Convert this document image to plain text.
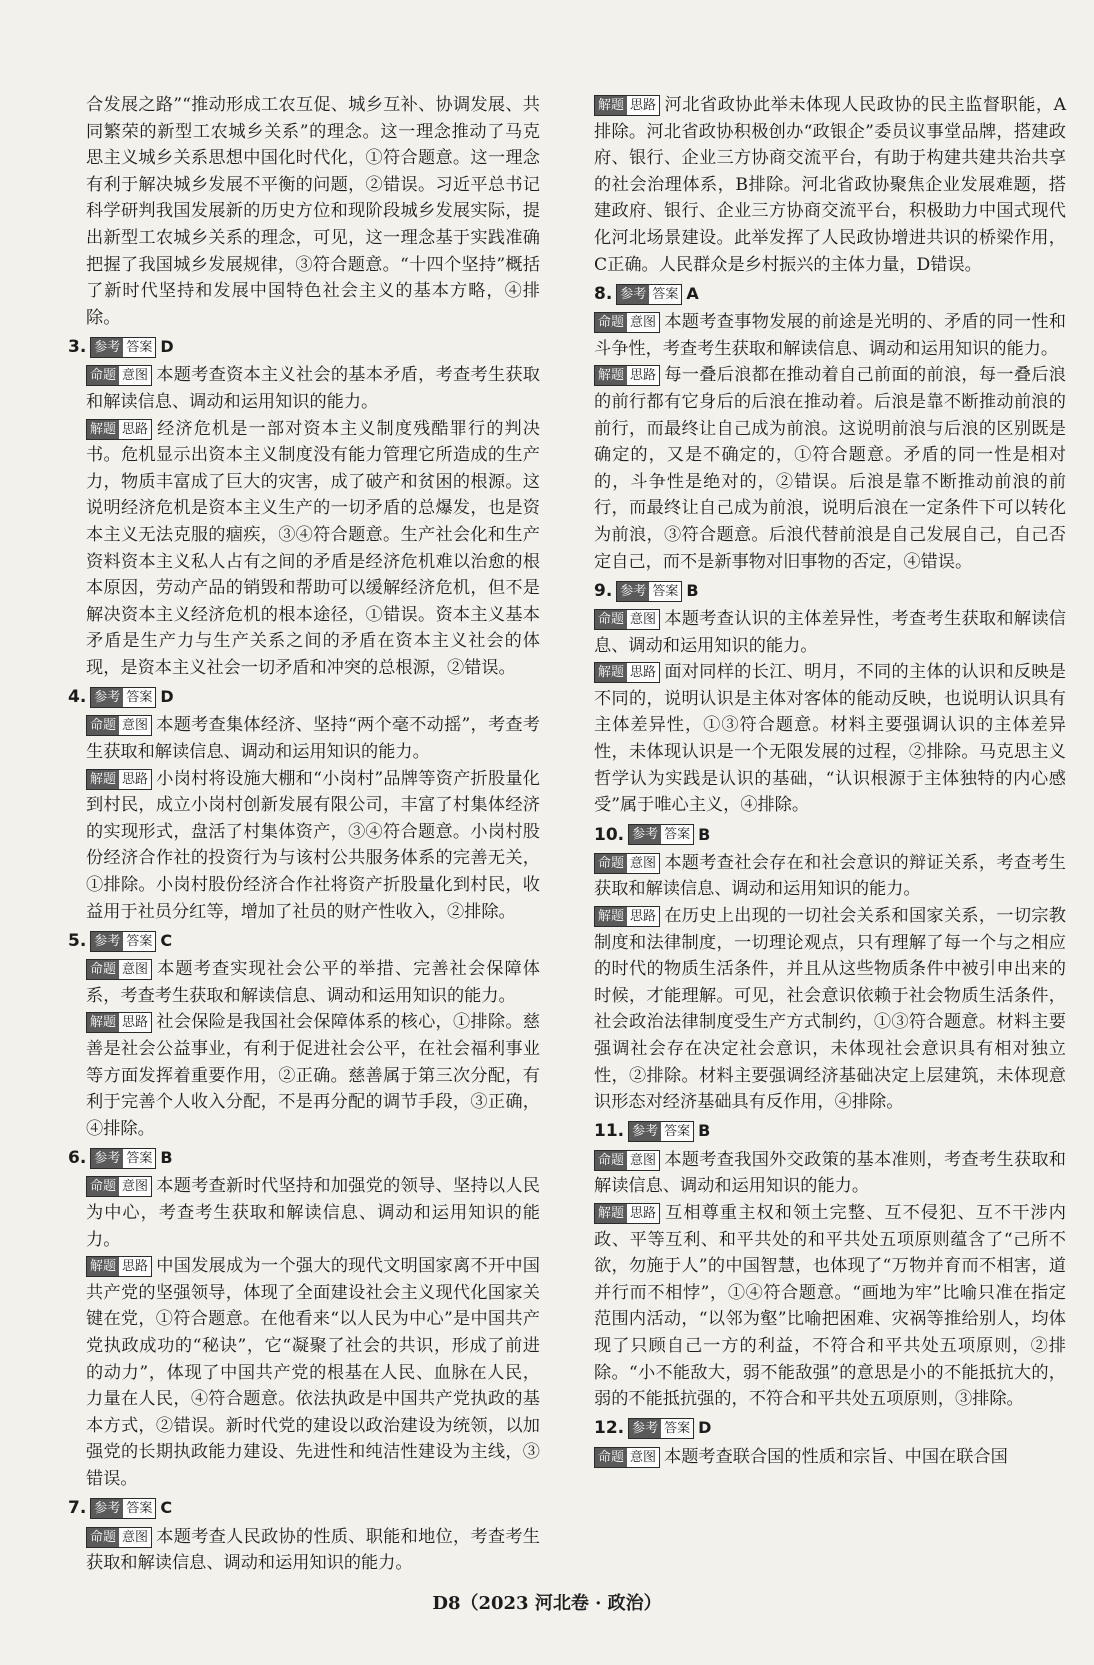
合发展之路”“推动形成工农互促、城乡互补、协调发展、共同繁荣的新型工农城乡关系”的理念。这一理念推动了马克思主义城乡关系思想中国化时代化，①符合题意。这一理念有利于解决城乡发展不平衡的问题，②错误。习近平总书记科学研判我国发展新的历史方位和现阶段城乡发展实际，提出新型工农城乡关系的理念，可见，这一理念基于实践准确把握了我国城乡发展规律，③符合题意。“十四个坚持”概括了新时代坚持和发展中国特色社会主义的基本方略，④排除。

3. 参考 答案 D

命题 意图 本题考查资本主义社会的基本矛盾，考查考生获取和解读信息、调动和运用知识的能力。

解题 思路 经济危机是一部对资本主义制度残酷罪行的判决书。危机显示出资本主义制度没有能力管理它所造成的生产力，物质丰富成了巨大的灾害，成了破产和贫困的根源。这说明经济危机是资本主义生产的一切矛盾的总爆发，也是资本主义无法克服的痼疾，③④符合题意。生产社会化和生产资料资本主义私人占有之间的矛盾是经济危机难以治愈的根本原因，劳动产品的销毁和帮助可以缓解经济危机，但不是解决资本主义经济危机的根本途径，①错误。资本主义基本矛盾是生产力与生产关系之间的矛盾在资本主义社会的体现，是资本主义社会一切矛盾和冲突的总根源，②错误。

4. 参考 答案 D

命题 意图 本题考查集体经济、坚持“两个毫不动摇”，考查考生获取和解读信息、调动和运用知识的能力。

解题 思路 小岗村将设施大棚和“小岗村”品牌等资产折股量化到村民，成立小岗村创新发展有限公司，丰富了村集体经济的实现形式，盘活了村集体资产，③④符合题意。小岗村股份经济合作社的投资行为与该村公共服务体系的完善无关，①排除。小岗村股份经济合作社将资产折股量化到村民，收益用于社员分红等，增加了社员的财产性收入，②排除。

5. 参考 答案 C

命题 意图 本题考查实现社会公平的举措、完善社会保障体系，考查考生获取和解读信息、调动和运用知识的能力。

解题 思路 社会保险是我国社会保障体系的核心，①排除。慈善是社会公益事业，有利于促进社会公平，在社会福利事业等方面发挥着重要作用，②正确。慈善属于第三次分配，有利于完善个人收入分配，不是再分配的调节手段，③正确，④排除。

6. 参考 答案 B

命题 意图 本题考查新时代坚持和加强党的领导、坚持以人民为中心，考查考生获取和解读信息、调动和运用知识的能力。

解题 思路 中国发展成为一个强大的现代文明国家离不开中国共产党的坚强领导，体现了全面建设社会主义现代化国家关键在党，①符合题意。在他看来“以人民为中心”是中国共产党执政成功的“秘诀”，它“凝聚了社会的共识，形成了前进的动力”，体现了中国共产党的根基在人民、血脉在人民，力量在人民，④符合题意。依法执政是中国共产党执政的基本方式，②错误。新时代党的建设以政治建设为统领，以加强党的长期执政能力建设、先进性和纯洁性建设为主线，③错误。

7. 参考 答案 C

命题 意图 本题考查人民政协的性质、职能和地位，考查考生获取和解读信息、调动和运用知识的能力。

解题 思路 河北省政协此举未体现人民政协的民主监督职能，A排除。河北省政协积极创办“政银企”委员议事堂品牌，搭建政府、银行、企业三方协商交流平台，有助于构建共建共治共享的社会治理体系，B排除。河北省政协聚焦企业发展难题，搭建政府、银行、企业三方协商交流平台，积极助力中国式现代化河北场景建设。此举发挥了人民政协增进共识的桥梁作用，C正确。人民群众是乡村振兴的主体力量，D错误。

8. 参考 答案 A

命题 意图 本题考查事物发展的前途是光明的、矛盾的同一性和斗争性，考查考生获取和解读信息、调动和运用知识的能力。

解题 思路 每一叠后浪都在推动着自己前面的前浪，每一叠后浪的前行都有它身后的后浪在推动着。后浪是靠不断推动前浪的前行，而最终让自己成为前浪。这说明前浪与后浪的区别既是确定的，又是不确定的，①符合题意。矛盾的同一性是相对的，斗争性是绝对的，②错误。后浪是靠不断推动前浪的前行，而最终让自己成为前浪，说明后浪在一定条件下可以转化为前浪，③符合题意。后浪代替前浪是自己发展自己，自己否定自己，而不是新事物对旧事物的否定，④错误。

9. 参考 答案 B

命题 意图 本题考查认识的主体差异性，考查考生获取和解读信息、调动和运用知识的能力。

解题 思路 面对同样的长江、明月，不同的主体的认识和反映是不同的，说明认识是主体对客体的能动反映，也说明认识具有主体差异性，①③符合题意。材料主要强调认识的主体差异性，未体现认识是一个无限发展的过程，②排除。马克思主义哲学认为实践是认识的基础，“认识根源于主体独特的内心感受”属于唯心主义，④排除。

10. 参考 答案 B

命题 意图 本题考查社会存在和社会意识的辩证关系，考查考生获取和解读信息、调动和运用知识的能力。

解题 思路 在历史上出现的一切社会关系和国家关系，一切宗教制度和法律制度，一切理论观点，只有理解了每一个与之相应的时代的物质生活条件，并且从这些物质条件中被引申出来的时候，才能理解。可见，社会意识依赖于社会物质生活条件，社会政治法律制度受生产方式制约，①③符合题意。材料主要强调社会存在决定社会意识，未体现社会意识具有相对独立性，②排除。材料主要强调经济基础决定上层建筑，未体现意识形态对经济基础具有反作用，④排除。

11. 参考 答案 B

命题 意图 本题考查我国外交政策的基本准则，考查考生获取和解读信息、调动和运用知识的能力。

解题 思路 互相尊重主权和领土完整、互不侵犯、互不干涉内政、平等互利、和平共处的和平共处五项原则蕴含了“己所不欲，勿施于人”的中国智慧，也体现了“万物并育而不相害，道并行而不相悖”，①④符合题意。“画地为牢”比喻只准在指定范围内活动，“以邻为壑”比喻把困难、灾祸等推给别人，均体现了只顾自己一方的利益，不符合和平共处五项原则，②排除。“小不能敌大，弱不能敌强”的意思是小的不能抵抗大的，弱的不能抵抗强的，不符合和平共处五项原则，③排除。

12. 参考 答案 D

命题 意图 本题考查联合国的性质和宗旨、中国在联合国

D8（2023 河北卷 · 政治）
